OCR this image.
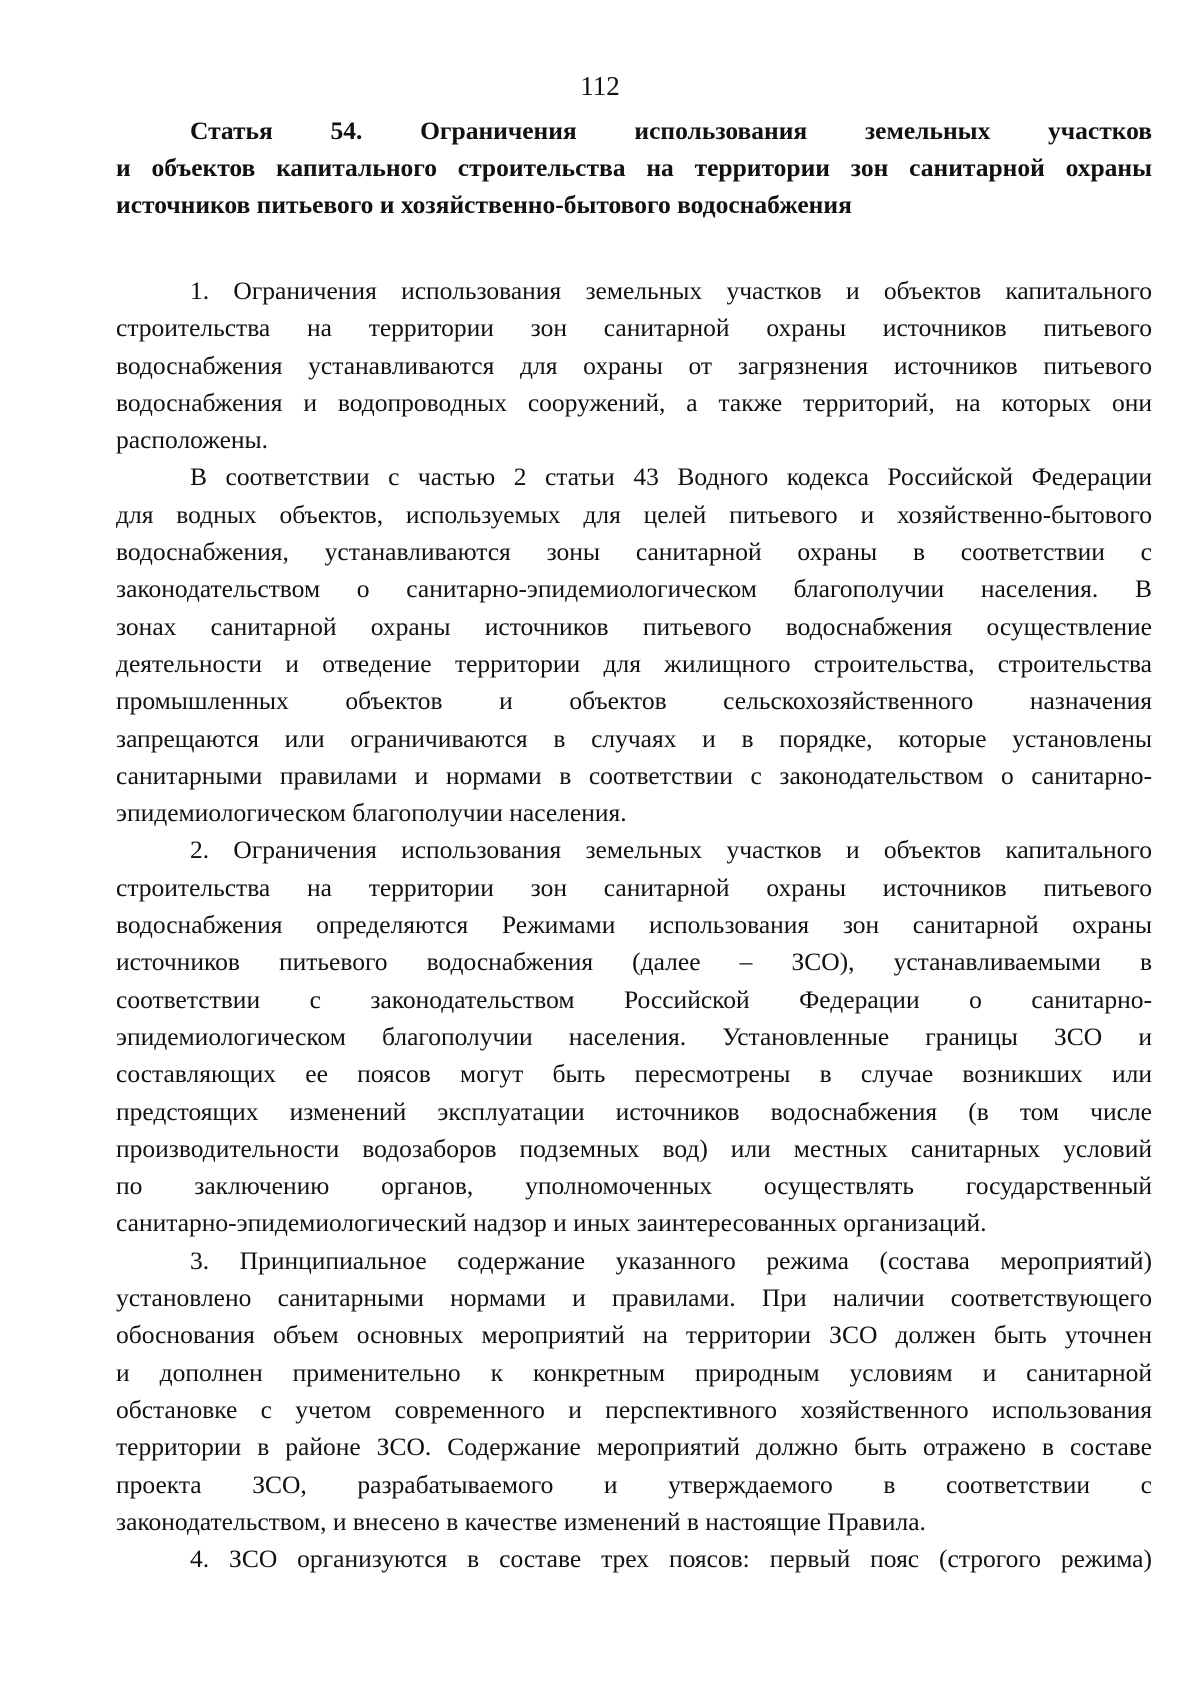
112
Статья 54. Ограничения использования земельных участков
и объектов капитального строительства на территории зон санитарной охраны
источников питьевого и хозяйственно-бытового водоснабжения

1. Ограничения использования земельных участков и объектов капитального
строительства на территории зон санитарной охраны источников питьевого
водоснабжения устанавливаются для охраны от загрязнения источников питьевого
водоснабжения и водопроводных сооружений, а также территорий, на которых они
расположены.

В соответствии с частью 2 статьи 43 Водного кодекса Российской Федерации
для водных объектов, используемых для целей питьевого и хозяйственно-бытового
водоснабжения, устанавливаются зоны санитарной охраны в соответствии с
законодательством о санитарно-эпидемиологическом благополучии населения. В
зонах санитарной охраны источников питьевого водоснабжения осуществление
деятельности и отведение территории для жилищного строительства, строительства
промышленных объектов и объектов сельскохозяйственного назначения
запрещаются или ограничиваются в случаях и в порядке, которые установлены
санитарными правилами и нормами в соответствии с законодательством о санитарно-
эпидемиологическом благополучии населения.

2. Ограничения использования земельных участков и объектов капитального
строительства на территории зон санитарной охраны источников питьевого
водоснабжения определяются Режимами использования зон санитарной охраны
источников питьевого водоснабжения (далее – ЗСО), устанавливаемыми в
соответствии с законодательством Российской Федерации о санитарно-
эпидемиологическом благополучии населения. Установленные границы ЗСО и
составляющих ее поясов могут быть пересмотрены в случае возникших или
предстоящих изменений эксплуатации источников водоснабжения (в том числе
производительности водозаборов подземных вод) или местных санитарных условий
по заключению органов, уполномоченных осуществлять государственный
санитарно-эпидемиологический надзор и иных заинтересованных организаций.

3. Принципиальное содержание указанного режима (состава мероприятий)
установлено санитарными нормами и правилами. При наличии соответствующего
обоснования объем основных мероприятий на территории ЗСО должен быть уточнен
и дополнен применительно к конкретным природным условиям и санитарной
обстановке с учетом современного и перспективного хозяйственного использования
территории в районе ЗСО. Содержание мероприятий должно быть отражено в составе
проекта ЗСО, разрабатываемого и утверждаемого в соответствии с
законодательством, и внесено в качестве изменений в настоящие Правила.

4. ЗСО организуются в составе трех поясов: первый пояс (строгого режима)
